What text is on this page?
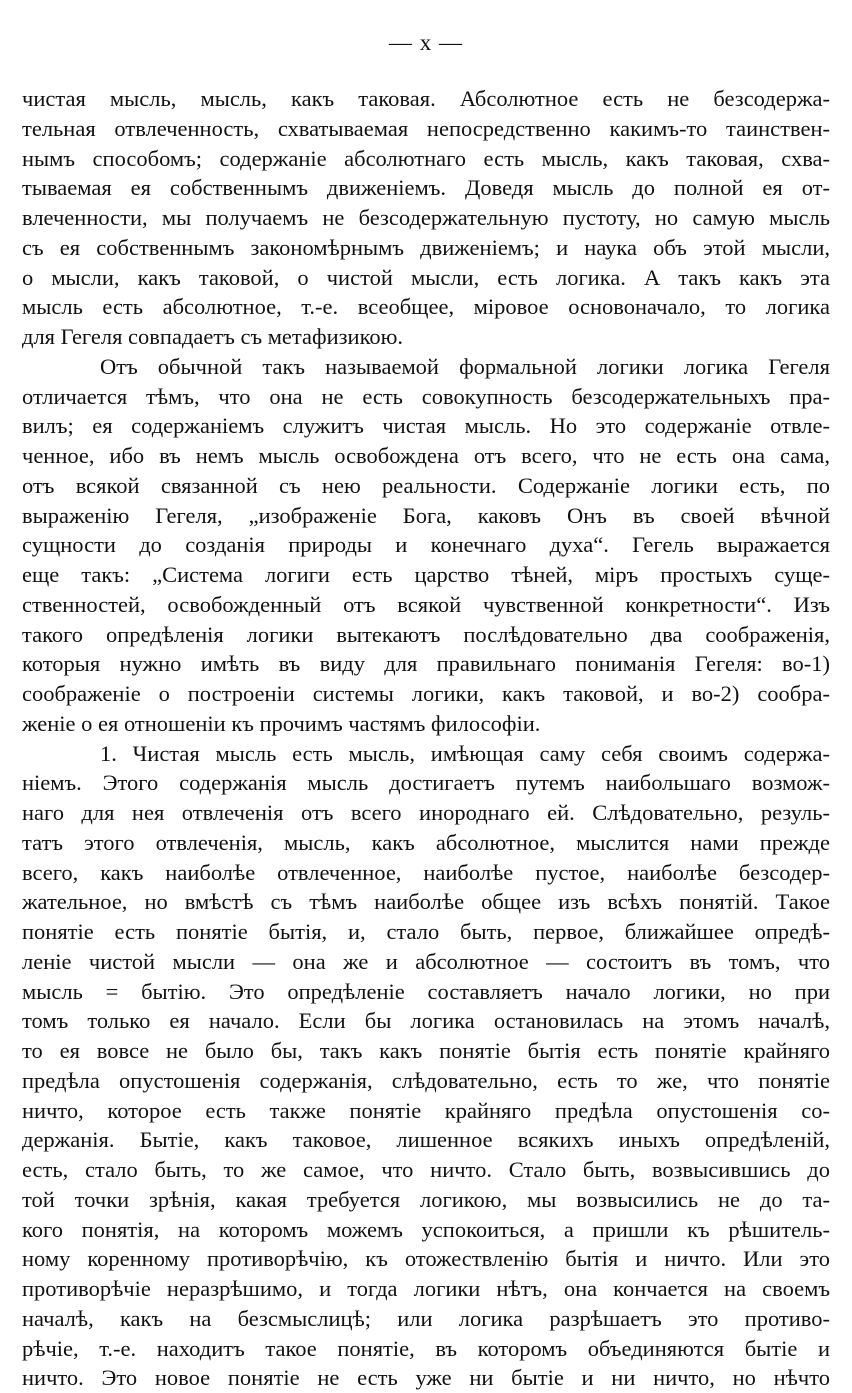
— x —
чистая мысль, мысль, какъ таковая. Абсолютное есть не безсодержа-
тельная отвлеченность, схватываемая непосредственно какимъ-то таинствен-
нымъ способомъ; содержаніе абсолютнаго есть мысль, какъ таковая, схва-
тываемая ея собственнымъ движеніемъ. Доведя мысль до полной ея от-
влеченности, мы получаемъ не безсодержательную пустоту, но самую мысль
съ ея собственнымъ закономѣрнымъ движеніемъ; и наука объ этой мысли,
о мысли, какъ таковой, о чистой мысли, есть логика. А такъ какъ эта
мысль есть абсолютное, т.-е. всеобщее, міровое основоначало, то логика
для Гегеля совпадаетъ съ метафизикою.
Отъ обычной такъ называемой формальной логики логика Гегеля
отличается тѣмъ, что она не есть совокупность безсодержательныхъ пра-
вилъ; ея содержаніемъ служитъ чистая мысль. Но это содержаніе отвле-
ченное, ибо въ немъ мысль освобождена отъ всего, что не есть она сама,
отъ всякой связанной съ нею реальности. Содержаніе логики есть, по
выраженію Гегеля, „изображеніе Бога, каковъ Онъ въ своей вѣчной
сущности до созданія природы и конечнаго духа“. Гегель выражается
еще такъ: „Система логиги есть царство тѣней, міръ простыхъ суще-
ственностей, освобожденный отъ всякой чувственной конкретности“. Изъ
такого опредѣленія логики вытекаютъ послѣдовательно два соображенія,
которыя нужно имѣть въ виду для правильнаго пониманія Гегеля: во-1)
соображеніе о построеніи системы логики, какъ таковой, и во-2) сообра-
женіе о ея отношеніи къ прочимъ частямъ философіи.
1. Чистая мысль есть мысль, имѣющая саму себя своимъ содержа-
ніемъ. Этого содержанія мысль достигаетъ путемъ наибольшаго возмож-
наго для нея отвлеченія отъ всего инороднаго ей. Слѣдовательно, резуль-
татъ этого отвлеченія, мысль, какъ абсолютное, мыслится нами прежде
всего, какъ наиболѣе отвлеченное, наиболѣе пустое, наиболѣе безсодер-
жательное, но вмѣстѣ съ тѣмъ наиболѣе общее изъ всѣхъ понятій. Такое
понятіе есть понятіе бытія, и, стало быть, первое, ближайшее опредѣ-
леніе чистой мысли — она же и абсолютное — состоитъ въ томъ, что
мысль = бытію. Это опредѣленіе составляетъ начало логики, но при
томъ только ея начало. Если бы логика остановилась на этомъ началѣ,
то ея вовсе не было бы, такъ какъ понятіе бытія есть понятіе крайняго
предѣла опустошенія содержанія, слѣдовательно, есть то же, что понятіе
ничто, которое есть также понятіе крайняго предѣла опустошенія со-
держанія. Бытіе, какъ таковое, лишенное всякихъ иныхъ опредѣленій,
есть, стало быть, то же самое, что ничто. Стало быть, возвысившись до
той точки зрѣнія, какая требуется логикою, мы возвысились не до та-
кого понятія, на которомъ можемъ успокоиться, а пришли къ рѣшитель-
ному коренному противорѣчію, къ отожествленію бытія и ничто. Или это
противорѣчіе неразрѣшимо, и тогда логики нѣтъ, она кончается на своемъ
началѣ, какъ на безсмыслицѣ; или логика разрѣшаетъ это противо-
рѣчіе, т.-е. находитъ такое понятіе, въ которомъ объединяются бытіе и
ничто. Это новое понятіе не есть уже ни бытіе и ни ничто, но нѣчто
